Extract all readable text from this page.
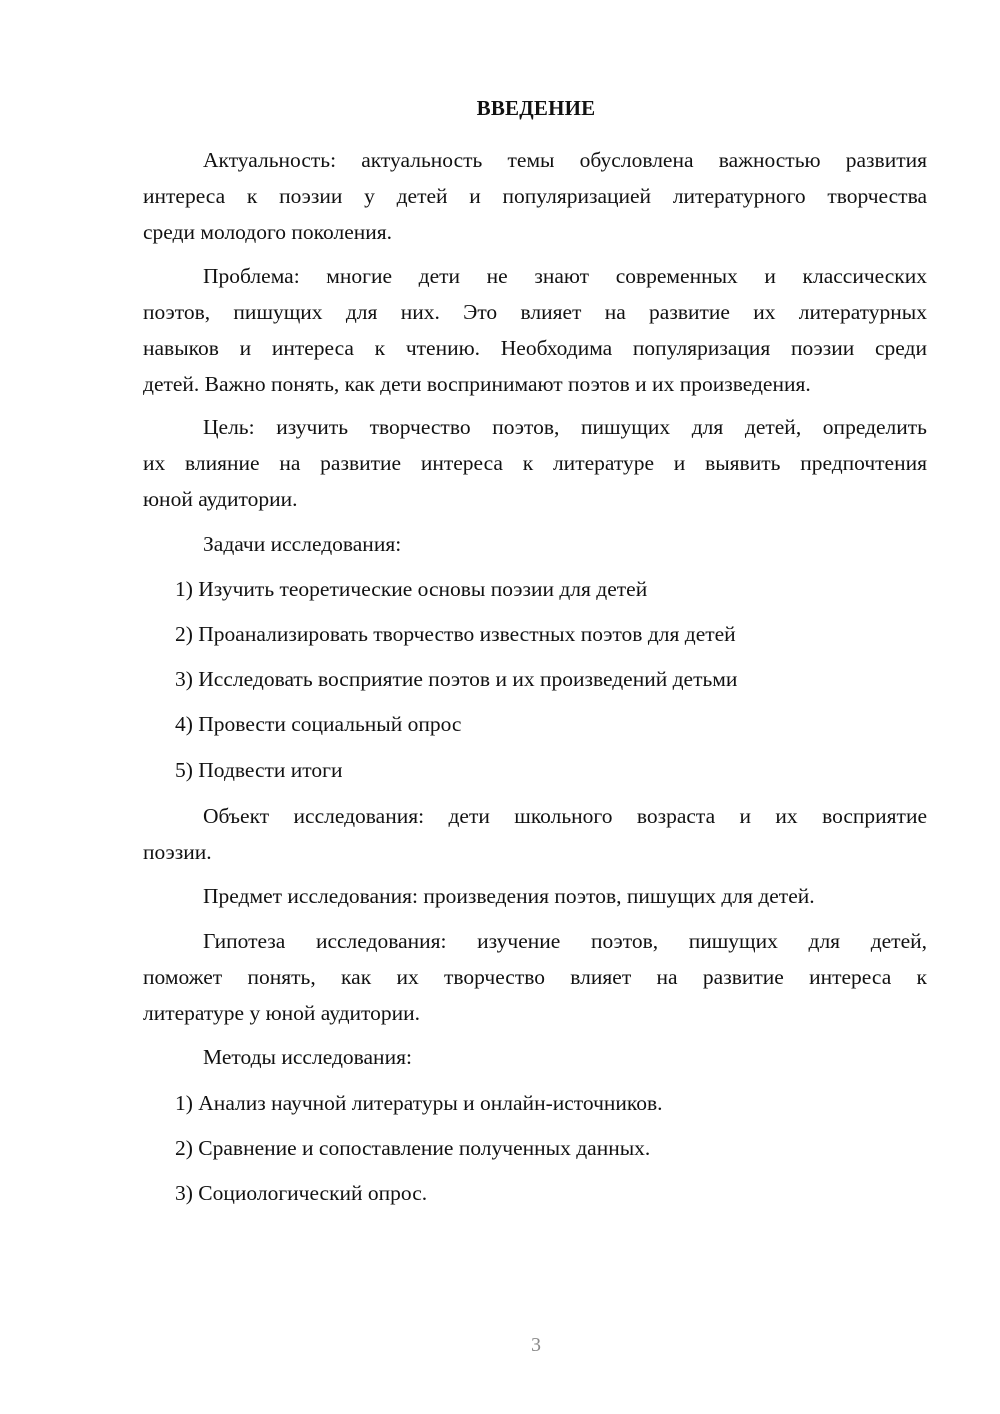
ВВЕДЕНИЕ
Актуальность: актуальность темы обусловлена важностью развития
интереса к поэзии у детей и популяризацией литературного творчества
среди молодого поколения.
Проблема: многие дети не знают современных и классических
поэтов, пишущих для них. Это влияет на развитие их литературных
навыков и интереса к чтению. Необходима популяризация поэзии среди
детей. Важно понять, как дети воспринимают поэтов и их произведения.
Цель: изучить творчество поэтов, пишущих для детей, определить
их влияние на развитие интереса к литературе и выявить предпочтения
юной аудитории.
Задачи исследования:
1) Изучить теоретические основы поэзии для детей
2) Проанализировать творчество известных поэтов для детей
3) Исследовать восприятие поэтов и их произведений детьми
4) Провести социальный опрос
5) Подвести итоги
Объект исследования: дети школьного возраста и их восприятие
поэзии.
Предмет исследования: произведения поэтов, пишущих для детей.
Гипотеза исследования: изучение поэтов, пишущих для детей,
поможет понять, как их творчество влияет на развитие интереса к
литературе у юной аудитории.
Методы исследования:
1) Анализ научной литературы и онлайн-источников.
2) Сравнение и сопоставление полученных данных.
3) Социологический опрос.
3
